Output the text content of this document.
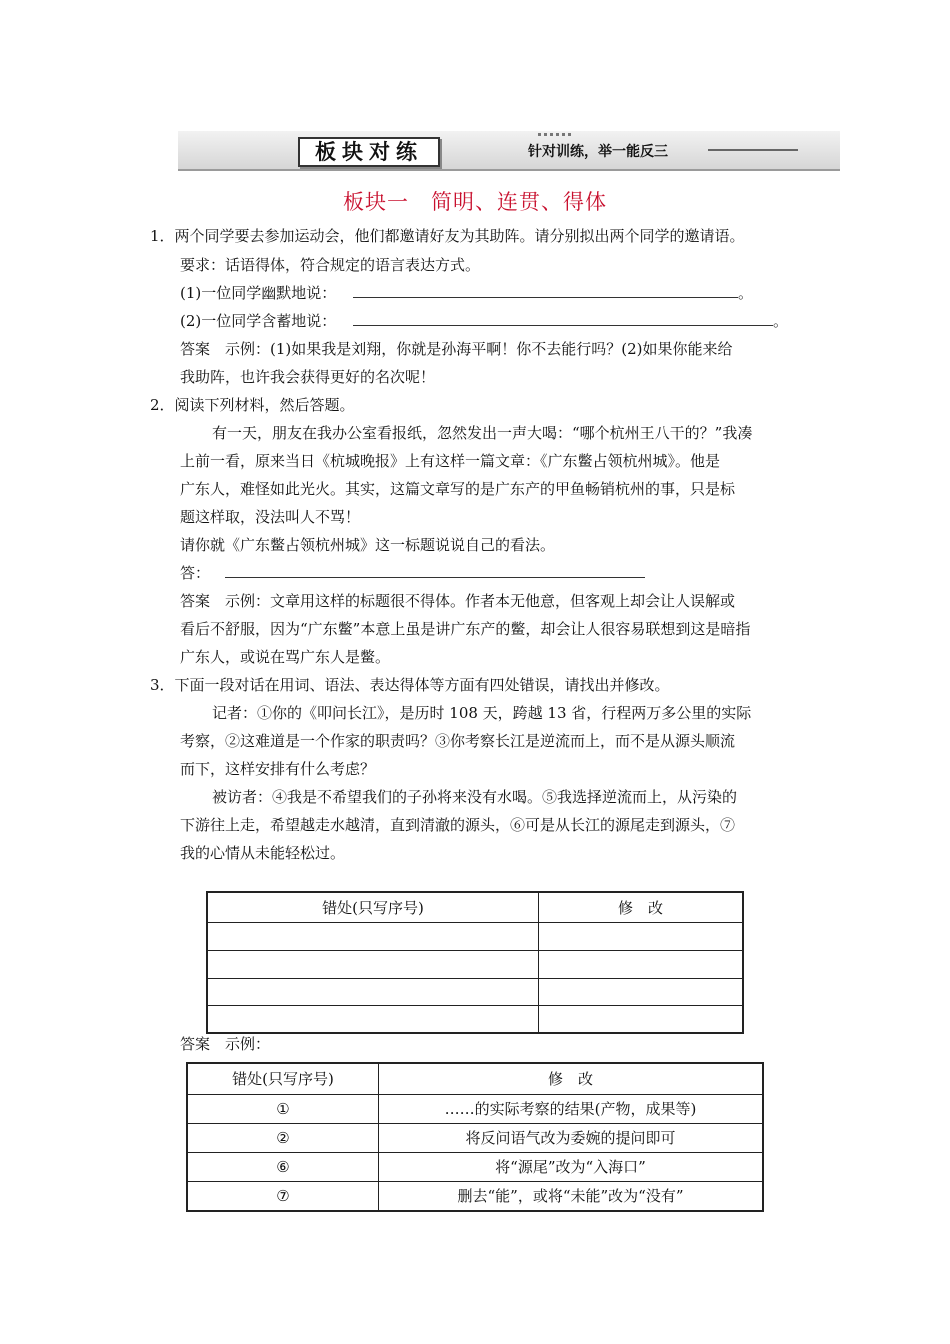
板块对练	针对训练，举一能反三
板块一　简明、连贯、得体
1．两个同学要去参加运动会，他们都邀请好友为其助阵。请分别拟出两个同学的邀请语。
要求：话语得体，符合规定的语言表达方式。
(1)一位同学幽默地说：	。
(2)一位同学含蓄地说：	。
答案　示例：(1)如果我是刘翔，你就是孙海平啊！你不去能行吗？(2)如果你能来给
我助阵，也许我会获得更好的名次呢！
2．阅读下列材料，然后答题。
有一天，朋友在我办公室看报纸，忽然发出一声大喝：“哪个杭州王八干的？”我凑
上前一看，原来当日《杭城晚报》上有这样一篇文章：《广东鳖占领杭州城》。他是
广东人，难怪如此光火。其实，这篇文章写的是广东产的甲鱼畅销杭州的事，只是标
题这样取，没法叫人不骂！
请你就《广东鳖占领杭州城》这一标题说说自己的看法。
答：
答案　示例：文章用这样的标题很不得体。作者本无他意，但客观上却会让人误解或
看后不舒服，因为“广东鳖”本意上虽是讲广东产的鳖，却会让人很容易联想到这是暗指
广东人，或说在骂广东人是鳖。
3．下面一段对话在用词、语法、表达得体等方面有四处错误，请找出并修改。
记者：①你的《叩问长江》，是历时 108 天，跨越 13 省，行程两万多公里的实际
考察，②这难道是一个作家的职责吗？③你考察长江是逆流而上，而不是从源头顺流
而下，这样安排有什么考虑？
被访者：④我是不希望我们的子孙将来没有水喝。⑤我选择逆流而上，从污染的
下游往上走，希望越走水越清，直到清澈的源头，⑥可是从长江的源尾走到源头，⑦
我的心情从未能轻松过。
错处(只写序号)	修　改

答案　示例：
错处(只写序号)	修　改
①	……的实际考察的结果(产物，成果等)
②	将反问语气改为委婉的提问即可
⑥	将“源尾”改为“入海口”
⑦	删去“能”，或将“未能”改为“没有”
